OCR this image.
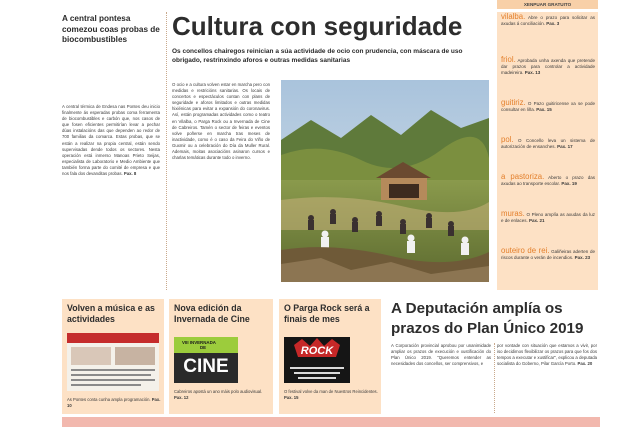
A central pontesa comezou coas probas de biocombustibles

A central térmica de Endesa nas Pontes deu inicio finalmente ás esperadas probas coma ferramenta de biocombustibles e carbón que, nos casos de que fosen eficientes permitirían levar a pechar dúas instalacións das que dependen ao redor de 700 familias da comarca. Estas probas, que se están a realizar na propia central, están sendo supervisadas dende todos os sectores. Nesta operación está inmerso Manoas Prieto Seijas, especialista de Laboratorio e Medio Ambiente que también forma parte do comité de empresa e que nos fala dos devanditas probas. Pax. 8

Cultura con seguridade

Os concellos chairegos reinician a súa actividade de ocio con prudencia, con máscara de uso obrigado, restrinxindo aforos e outras medidas sanitarias

O ocio e a cultura volven estar en marcha pero con medidas e restricións sanitarias. Os locais de concertos e espectáculos contan con plans de seguridade e aforos limitados e outras medidas hixiénicas para evitar a expansión do coronavirus. Así, están programadas actividades como o teatro en Vilalba, o Parga Rock ou a Invernada de Cine de Cabreiros. Tamén o sector de feiras e eventos volve poñerse en marcha tras meses de inactividade, como é o caso da Feira do Viño de Guxmir ou a celebración do Día da Muller Rural. Ademais, moitas asociacións asinaron cursos e charlas temáticas durante todo o inverno.

XENPUAR GRATUITO
vilalba. Abre o prazo para solicitar as axudas á conciliación. Pax. 3
friol. Aprobada unha axenda que pretende dar prazos para controlar a actividade madeireira. Pax. 13
guitiriz. O Pazo guitiricense xa se pode consultar en liña. Pax. 15
pol. O Concello leva un sistema de autorización de ensanches. Pax. 17
a pastoriza. Aberto o prazo das axudas ao transporte escolar. Pax. 19
muras. O Pleno amplía as axudas da luz e de enlaces. Pax. 21
outeiro de rei. Galiñeiras aderten de riscos durante o verán de incendios. Pax. 23
Volven a música e as actividades

As Pontes conta cunha ampla programación. Pax. 10

Nova edición da Invernada de Cine
VIII INVERNADA
DE
CINE

Cabreiros apostá un ano máis polo audiovisual. Pax. 12

O Parga Rock será a finais de mes
ROCK

O festival volve da man de Nuestros Reincidentes. Pax. 15

A Deputación amplía os prazos do Plan Único 2019

A Corporación provincial aprobou por unanimidade ampliar os prazos de execución e xustificación do Plan Único 2019. "Queremos entender as necesidades dos concellos, ser comprensivos, e

por vontade con situación que estamos a vivir, por iso decidimos flexibilizar os prazos para que fos dos tempos a executar e xustificar", explicou a deputada socialista do Goberno, Pilar García Porto. Pax. 20
